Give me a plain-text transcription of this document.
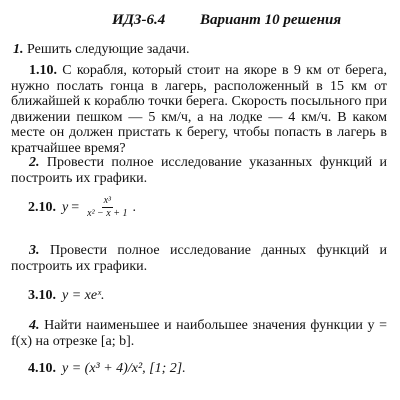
ИДЗ-6.4 Вариант 10 решения
1. Решить следующие задачи.
1.10. С корабля, который стоит на якоре в 9 км от берега, нужно послать гонца в лагерь, расположенный в 15 км от ближайшей к кораблю точки берега. Скорость посыльного при движении пешком — 5 км/ч, а на лодке — 4 км/ч. В каком месте он должен пристать к берегу, чтобы попасть в лагерь в кратчайшее время?
2. Провести полное исследование указанных функций и построить их графики.
2.10. $y = \frac{\text{x³}}{\text{x² − x + 1}}$ .
3. Провести полное исследование данных функций и построить их графики.
3.10. y = xeˣ.
4. Найти наименьшее и наибольшее значения функции y = f(x) на отрезке [a; b].
4.10. y = (x³ + 4)/x², [1; 2].
